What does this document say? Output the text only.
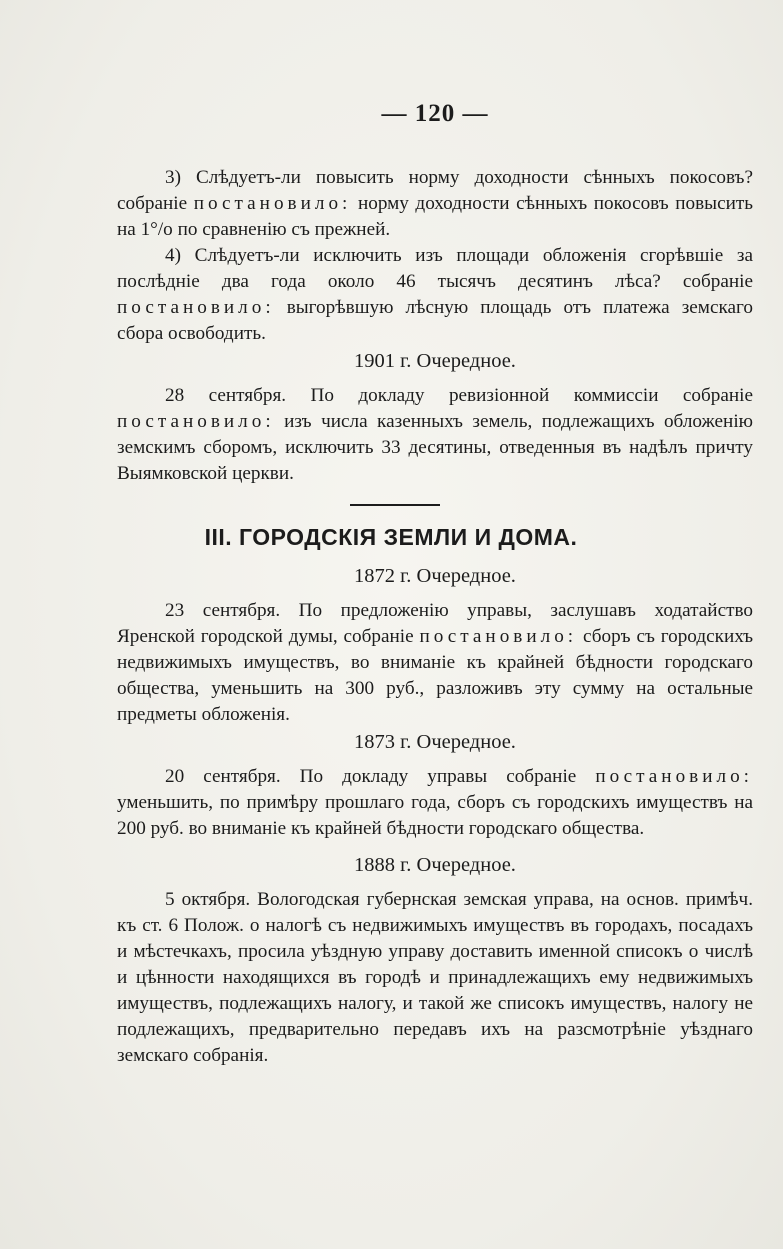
— 120 —

3) Слѣдуетъ-ли повысить норму доходности сѣнныхъ покосовъ? собраніе постановило: норму доходности сѣнныхъ покосовъ повысить на 1°/о по сравненію съ прежней.

4) Слѣдуетъ-ли исключить изъ площади обложенія сгорѣвшіе за послѣдніе два года около 46 тысячъ десятинъ лѣса? собраніе постановило: выгорѣвшую лѣсную площадь отъ платежа земскаго сбора освободить.

1901 г. Очередное.

28 сентября. По докладу ревизіонной коммиссіи собраніе постановило: изъ числа казенныхъ земель, подлежащихъ обложенію земскимъ сборомъ, исключить 33 десятины, отведенныя въ надѣлъ причту Выямковской церкви.

III. ГОРОДСКІЯ ЗЕМЛИ И ДОМА.
1872 г. Очередное.

23 сентября. По предложенію управы, заслушавъ ходатайство Яренской городской думы, собраніе постановило: сборъ съ городскихъ недвижимыхъ имуществъ, во вниманіе къ крайней бѣдности городскаго общества, уменьшить на 300 руб., разложивъ эту сумму на остальные предметы обложенія.

1873 г. Очередное.

20 сентября. По докладу управы собраніе постановило: уменьшить, по примѣру прошлаго года, сборъ съ городскихъ имуществъ на 200 руб. во вниманіе къ крайней бѣдности городскаго общества.

1888 г. Очередное.

5 октября. Вологодская губернская земская управа, на основ. примѣч. къ ст. 6 Полож. о налогѣ съ недвижимыхъ имуществъ въ городахъ, посадахъ и мѣстечкахъ, просила уѣздную управу доставить именной списокъ о числѣ и цѣнности находящихся въ городѣ и принадлежащихъ ему недвижимыхъ имуществъ, подлежащихъ налогу, и такой же списокъ имуществъ, налогу не подлежащихъ, предварительно передавъ ихъ на разсмотрѣніе уѣзднаго земскаго собранія.
